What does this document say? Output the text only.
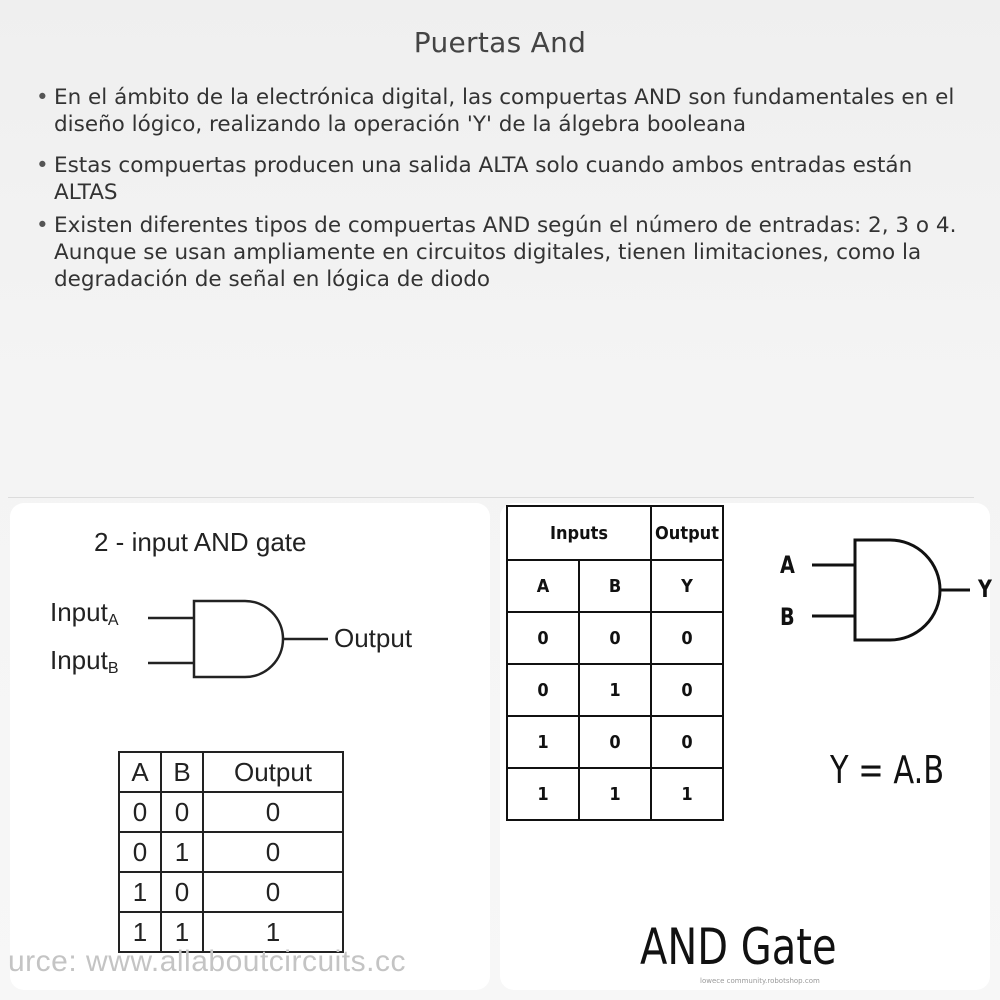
Puertas And
• En el ámbito de la electrónica digital, las compuertas AND son fundamentales en el diseño lógico, realizando la operación 'Y' de la álgebra booleana
• Estas compuertas producen una salida ALTA solo cuando ambos entradas están ALTAS
• Existen diferentes tipos de compuertas AND según el número de entradas: 2, 3 o 4. Aunque se usan ampliamente en circuitos digitales, tienen limitaciones, como la degradación de señal en lógica de diodo
2 - input AND gate
Input$_A$
Input$_B$
Output
A	B	Output
0	0	0
0	1	0
1	0	0
1	1	1
urce: www.allaboutcircuits.cc
Inputs		Output
A	B	Y
0	0	0
0	1	0
1	0	0
1	1	1
A
B
Y
Y = A.B
AND Gate
lowece community.robotshop.com
